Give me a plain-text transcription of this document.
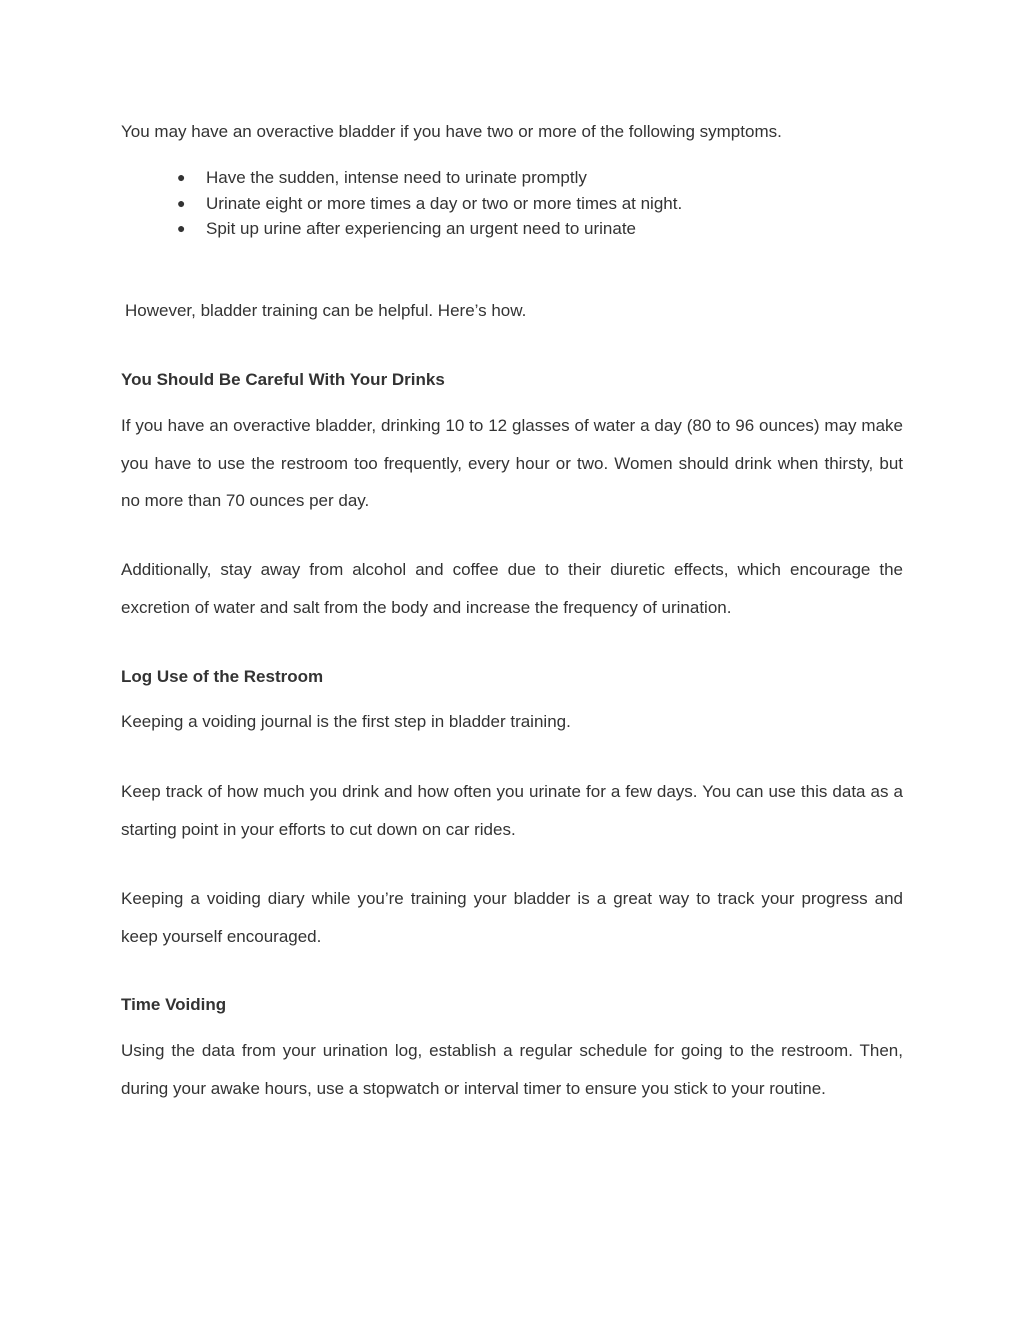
You may have an overactive bladder if you have two or more of the following symptoms.

● Have the sudden, intense need to urinate promptly
● Urinate eight or more times a day or two or more times at night.
● Spit up urine after experiencing an urgent need to urinate

However, bladder training can be helpful. Here’s how.

You Should Be Careful With Your Drinks

If you have an overactive bladder, drinking 10 to 12 glasses of water a day (80 to 96 ounces) may make you have to use the restroom too frequently, every hour or two. Women should drink when thirsty, but no more than 70 ounces per day.

Additionally, stay away from alcohol and coffee due to their diuretic effects, which encourage the excretion of water and salt from the body and increase the frequency of urination.

Log Use of the Restroom

Keeping a voiding journal is the first step in bladder training.

Keep track of how much you drink and how often you urinate for a few days. You can use this data as a starting point in your efforts to cut down on car rides.

Keeping a voiding diary while you’re training your bladder is a great way to track your progress and keep yourself encouraged.

Time Voiding

Using the data from your urination log, establish a regular schedule for going to the restroom. Then, during your awake hours, use a stopwatch or interval timer to ensure you stick to your routine.
